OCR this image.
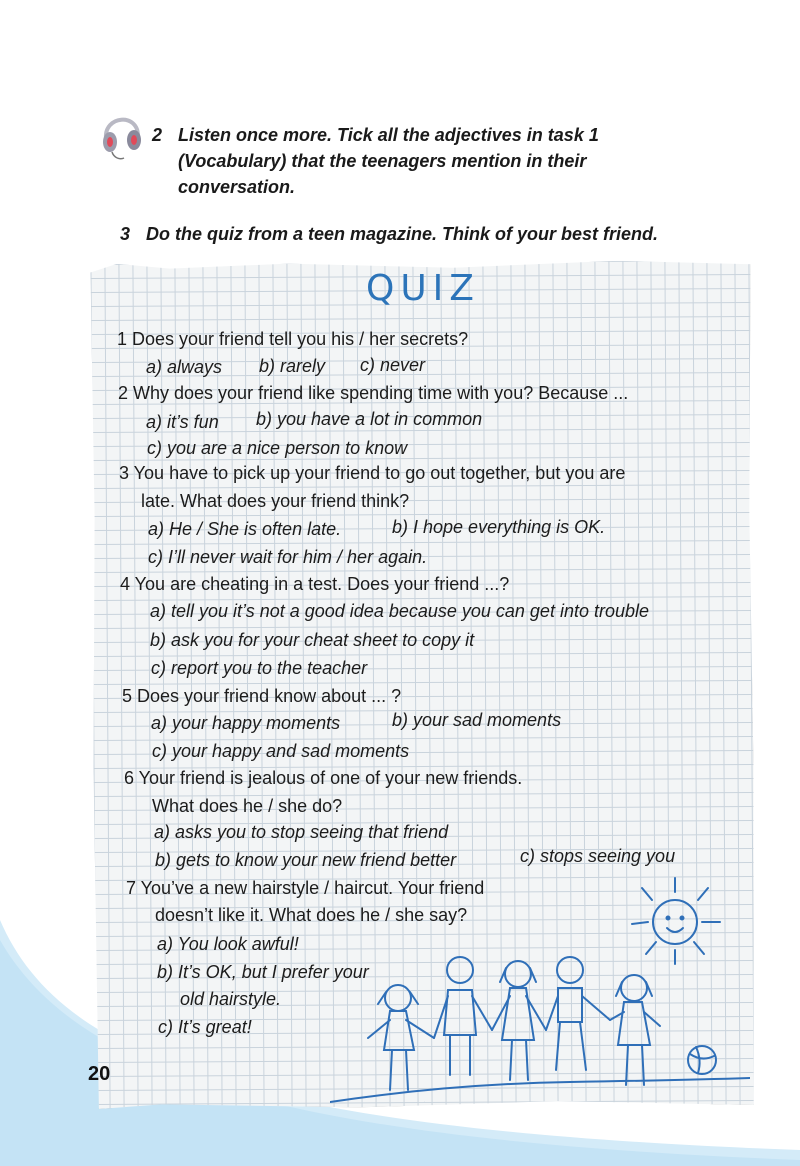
2 Listen once more. Tick all the adjectives in task 1
(Vocabulary) that the teenagers mention in their
conversation.
3 Do the quiz from a teen magazine. Think of your best friend.
QUIZ
1 Does your friend tell you his / her secrets?
a) always b) rarely c) never
2 Why does your friend like spending time with you? Because ...
a) it’s fun b) you have a lot in common
c) you are a nice person to know
3 You have to pick up your friend to go out together, but you are
late. What does your friend think?
a) He / She is often late.	b) I hope everything is OK.
c) I’ll never wait for him / her again.
4 You are cheating in a test. Does your friend ...?
a) tell you it’s not a good idea because you can get into trouble
b) ask you for your cheat sheet to copy it
c) report you to the teacher
5 Does your friend know about ... ?
a) your happy moments	b) your sad moments
c) your happy and sad moments
6 Your friend is jealous of one of your new friends.
What does he / she do?
a) asks you to stop seeing that friend
b) gets to know your new friend better	c) stops seeing you
7 You’ve a new hairstyle / haircut. Your friend
doesn’t like it. What does he / she say?
a) You look awful!
b) It’s OK, but I prefer your
old hairstyle.
c) It’s great!
20
